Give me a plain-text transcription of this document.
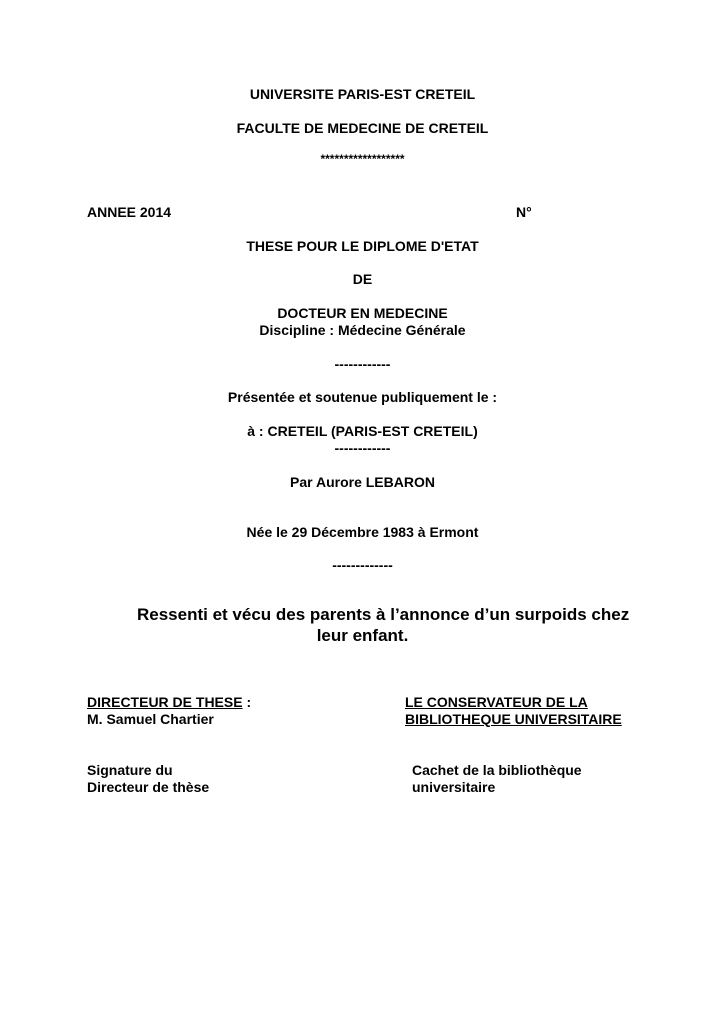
UNIVERSITE PARIS-EST CRETEIL
FACULTE DE MEDECINE DE CRETEIL
******************
ANNEE 2014	N°
THESE POUR LE DIPLOME D'ETAT
DE
DOCTEUR EN MEDECINE
Discipline : Médecine Générale
------------
Présentée et soutenue publiquement le :
à : CRETEIL (PARIS-EST CRETEIL)
------------
Par Aurore LEBARON
Née le 29 Décembre 1983 à Ermont
-------------
Ressenti et vécu des parents à l’annonce d’un surpoids chez
leur enfant.
DIRECTEUR DE THESE :
M. Samuel Chartier
LE CONSERVATEUR DE LA
BIBLIOTHEQUE UNIVERSITAIRE
Signature du
Directeur de thèse
Cachet de la bibliothèque
universitaire
